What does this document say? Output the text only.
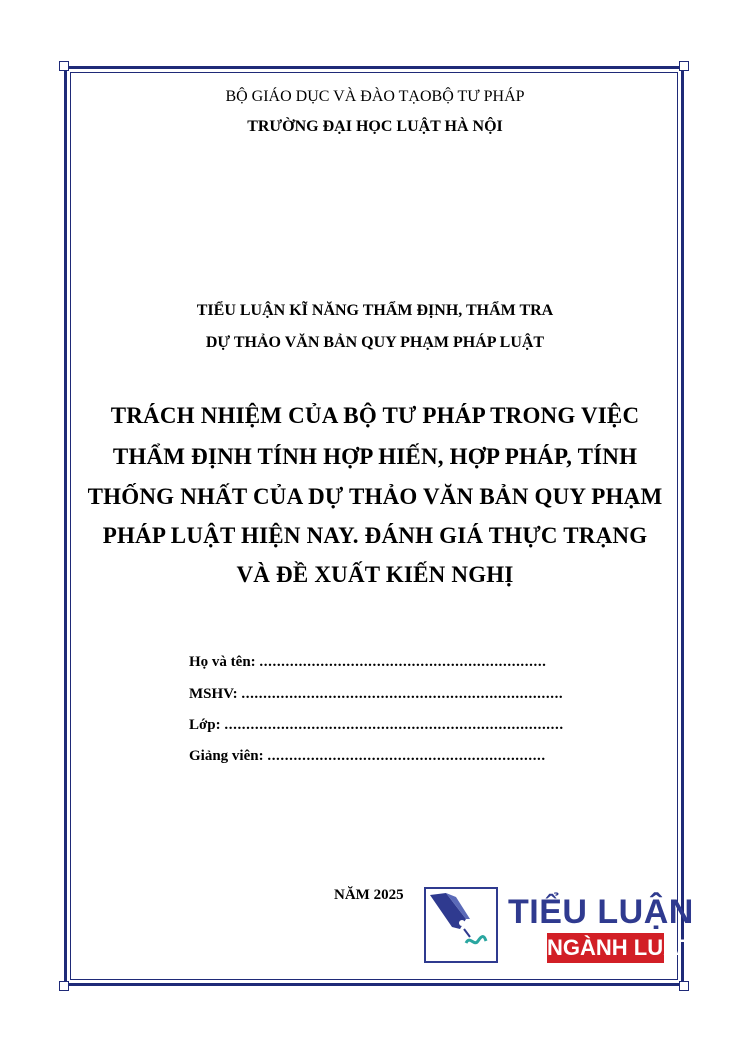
BỘ GIÁO DỤC VÀ ĐÀO TẠOBỘ TƯ PHÁP
TRƯỜNG ĐẠI HỌC LUẬT HÀ NỘI
TIỂU LUẬN KĨ NĂNG THẨM ĐỊNH, THẨM TRA
DỰ THẢO VĂN BẢN QUY PHẠM PHÁP LUẬT
TRÁCH NHIỆM CỦA BỘ TƯ PHÁP TRONG VIỆC
THẨM ĐỊNH TÍNH HỢP HIẾN, HỢP PHÁP, TÍNH
THỐNG NHẤT CỦA DỰ THẢO VĂN BẢN QUY PHẠM
PHÁP LUẬT HIỆN NAY. ĐÁNH GIÁ THỰC TRẠNG
VÀ ĐỀ XUẤT KIẾN NGHỊ
Họ và tên: ..................................................................
MSHV: ..........................................................................
Lớp: ..............................................................................
Giảng viên: ................................................................
NĂM 2025	TIỂU LUẬN
NGÀNH LUẬT
